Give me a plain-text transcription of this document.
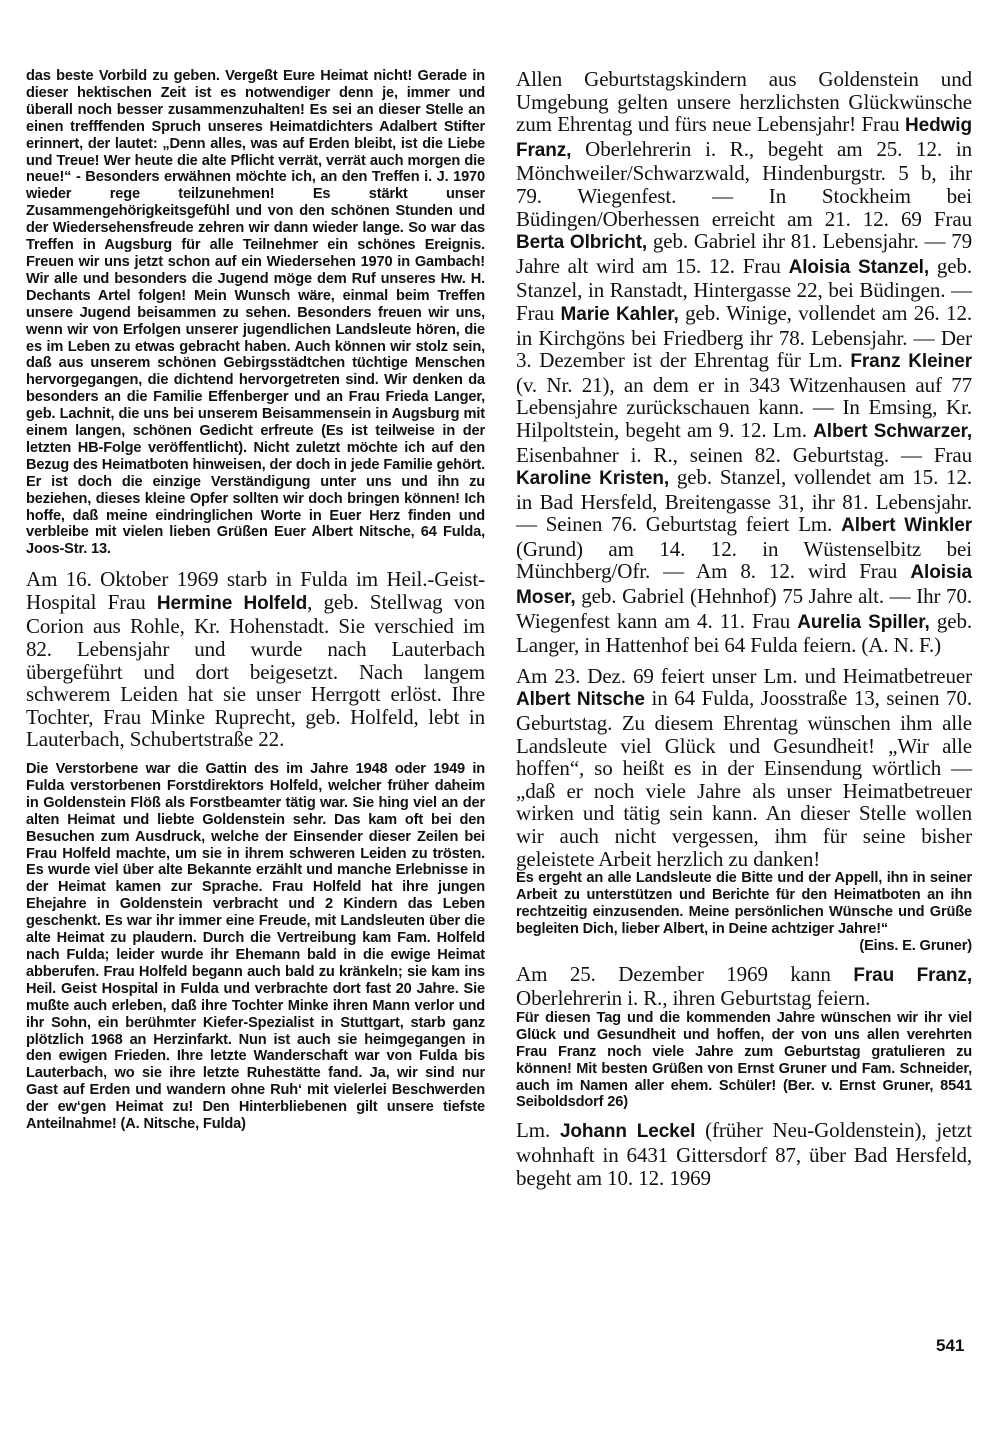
das beste Vorbild zu geben. Vergeßt Eure Heimat nicht! Gerade in dieser hektischen Zeit ist es notwendiger denn je, immer und überall noch besser zusammenzuhalten! Es sei an dieser Stelle an einen trefffenden Spruch unseres Heimatdichters Adalbert Stifter erinnert, der lautet: „Denn alles, was auf Erden bleibt, ist die Liebe und Treue! Wer heute die alte Pflicht verrät, verrät auch morgen die neue!“ - Besonders erwähnen möchte ich, an den Treffen i. J. 1970 wieder rege teilzunehmen! Es stärkt unser Zusammengehörigkeitsgefühl und von den schönen Stunden und der Wiedersehensfreude zehren wir dann wieder lange. So war das Treffen in Augsburg für alle Teilnehmer ein schönes Ereignis. Freuen wir uns jetzt schon auf ein Wiedersehen 1970 in Gambach! Wir alle und besonders die Jugend möge dem Ruf unseres Hw. H. Dechants Artel folgen! Mein Wunsch wäre, einmal beim Treffen unsere Jugend beisammen zu sehen. Besonders freuen wir uns, wenn wir von Erfolgen unserer jugendlichen Landsleute hören, die es im Leben zu etwas gebracht haben. Auch können wir stolz sein, daß aus unserem schönen Gebirgsstädtchen tüchtige Menschen hervorgegangen, die dichtend hervorgetreten sind. Wir denken da besonders an die Familie Effenberger und an Frau Frieda Langer, geb. Lachnit, die uns bei unserem Beisammensein in Augsburg mit einem langen, schönen Gedicht erfreute (Es ist teilweise in der letzten HB-Folge veröffentlicht). Nicht zuletzt möchte ich auf den Bezug des Heimatboten hinweisen, der doch in jede Familie gehört. Er ist doch die einzige Verständigung unter uns und ihn zu beziehen, dieses kleine Opfer sollten wir doch bringen können! Ich hoffe, daß meine eindringlichen Worte in Euer Herz finden und verbleibe mit vielen lieben Grüßen Euer Albert Nitsche, 64 Fulda, Joos-Str. 13.

Am 16. Oktober 1969 starb in Fulda im Heil.-Geist-Hospital Frau Hermine Holfeld, geb. Stellwag von Corion aus Rohle, Kr. Hohenstadt. Sie verschied im 82. Lebensjahr und wurde nach Lauterbach übergeführt und dort beigesetzt. Nach langem schwerem Leiden hat sie unser Herrgott erlöst. Ihre Tochter, Frau Minke Ruprecht, geb. Holfeld, lebt in Lauterbach, Schubertstraße 22.

Die Verstorbene war die Gattin des im Jahre 1948 oder 1949 in Fulda verstorbenen Forstdirektors Holfeld, welcher früher daheim in Goldenstein Flöß als Forstbeamter tätig war. Sie hing viel an der alten Heimat und liebte Goldenstein sehr. Das kam oft bei den Besuchen zum Ausdruck, welche der Einsender dieser Zeilen bei Frau Holfeld machte, um sie in ihrem schweren Leiden zu trösten. Es wurde viel über alte Bekannte erzählt und manche Erlebnisse in der Heimat kamen zur Sprache. Frau Holfeld hat ihre jungen Ehejahre in Goldenstein verbracht und 2 Kindern das Leben geschenkt. Es war ihr immer eine Freude, mit Landsleuten über die alte Heimat zu plaudern. Durch die Vertreibung kam Fam. Holfeld nach Fulda; leider wurde ihr Ehemann bald in die ewige Heimat abberufen. Frau Holfeld begann auch bald zu kränkeln; sie kam ins Heil. Geist Hospital in Fulda und verbrachte dort fast 20 Jahre. Sie mußte auch erleben, daß ihre Tochter Minke ihren Mann verlor und ihr Sohn, ein berühmter Kiefer-Spezialist in Stuttgart, starb ganz plötzlich 1968 an Herzinfarkt. Nun ist auch sie heimgegangen in den ewigen Frieden. Ihre letzte Wanderschaft war von Fulda bis Lauterbach, wo sie ihre letzte Ruhestätte fand. Ja, wir sind nur Gast auf Erden und wandern ohne Ruh‘ mit vielerlei Beschwerden der ew‘gen Heimat zu! Den Hinterbliebenen gilt unsere tiefste Anteilnahme! (A. Nitsche, Fulda)

Allen Geburtstagskindern aus Goldenstein und Umgebung gelten unsere herzlichsten Glückwünsche zum Ehrentag und fürs neue Lebensjahr! Frau Hedwig Franz, Oberlehrerin i. R., begeht am 25. 12. in Mönchweiler/Schwarzwald, Hindenburgstr. 5 b, ihr 79. Wiegenfest. — In Stockheim bei Büdingen/Oberhessen erreicht am 21. 12. 69 Frau Berta Olbricht, geb. Gabriel ihr 81. Lebensjahr. — 79 Jahre alt wird am 15. 12. Frau Aloisia Stanzel, geb. Stanzel, in Ranstadt, Hintergasse 22, bei Büdingen. — Frau Marie Kahler, geb. Winige, vollendet am 26. 12. in Kirchgöns bei Friedberg ihr 78. Lebensjahr. — Der 3. Dezember ist der Ehrentag für Lm. Franz Kleiner (v. Nr. 21), an dem er in 343 Witzenhausen auf 77 Lebensjahre zurückschauen kann. — In Emsing, Kr. Hilpoltstein, begeht am 9. 12. Lm. Albert Schwarzer, Eisenbahner i. R., seinen 82. Geburtstag. — Frau Karoline Kristen, geb. Stanzel, vollendet am 15. 12. in Bad Hersfeld, Breitengasse 31, ihr 81. Lebensjahr. — Seinen 76. Geburtstag feiert Lm. Albert Winkler (Grund) am 14. 12. in Wüstenselbitz bei Münchberg/Ofr. — Am 8. 12. wird Frau Aloisia Moser, geb. Gabriel (Hehnhof) 75 Jahre alt. — Ihr 70. Wiegenfest kann am 4. 11. Frau Aurelia Spiller, geb. Langer, in Hattenhof bei 64 Fulda feiern. (A. N. F.)

Am 23. Dez. 69 feiert unser Lm. und Heimatbetreuer Albert Nitsche in 64 Fulda, Joosstraße 13, seinen 70. Geburtstag. Zu diesem Ehrentag wünschen ihm alle Landsleute viel Glück und Gesundheit! „Wir alle hoffen“, so heißt es in der Einsendung wörtlich — „daß er noch viele Jahre als unser Heimatbetreuer wirken und tätig sein kann. An dieser Stelle wollen wir auch nicht vergessen, ihm für seine bisher geleistete Arbeit herzlich zu danken!

Es ergeht an alle Landsleute die Bitte und der Appell, ihn in seiner Arbeit zu unterstützen und Berichte für den Heimatboten an ihn rechtzeitig einzusenden. Meine persönlichen Wünsche und Grüße begleiten Dich, lieber Albert, in Deine achtziger Jahre!“

(Eins. E. Gruner)

Am 25. Dezember 1969 kann Frau Franz, Oberlehrerin i. R., ihren Geburtstag feiern.

Für diesen Tag und die kommenden Jahre wünschen wir ihr viel Glück und Gesundheit und hoffen, der von uns allen verehrten Frau Franz noch viele Jahre zum Geburtstag gratulieren zu können! Mit besten Grüßen von Ernst Gruner und Fam. Schneider, auch im Namen aller ehem. Schüler! (Ber. v. Ernst Gruner, 8541 Seiboldsdorf 26)

Lm. Johann Leckel (früher Neu-Goldenstein), jetzt wohnhaft in 6431 Gittersdorf 87, über Bad Hersfeld, begeht am 10. 12. 1969

541
